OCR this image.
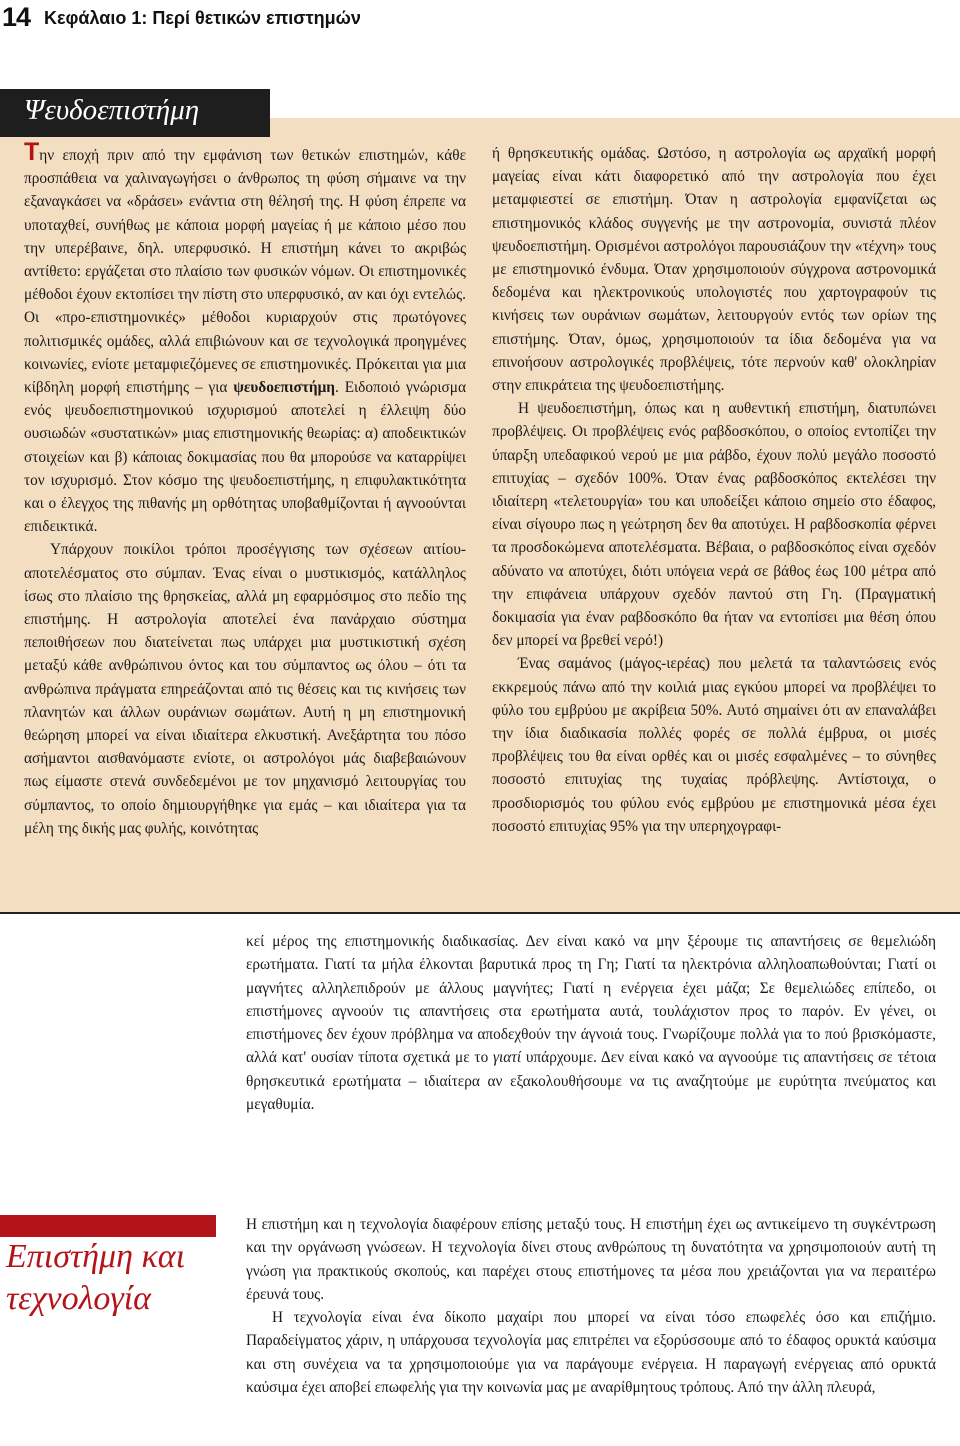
14 Κεφάλαιο 1: Περί θετικών επιστημών
Ψευδοεπιστήμη

Την εποχή πριν από την εμφάνιση των θετικών επιστημών, κάθε προσπάθεια να χαλιναγωγήσει ο άνθρωπος τη φύση σήμαινε να την εξαναγκάσει να «δράσει» ενάντια στη θέλησή της. Η φύση έπρεπε να υποταχθεί, συνήθως με κάποια μορφή μαγείας ή με κάποιο μέσο που την υπερέβαινε, δηλ. υπερφυσικό. Η επιστήμη κάνει το ακριβώς αντίθετο: εργάζεται στο πλαίσιο των φυσικών νόμων. Οι επιστημονικές μέθοδοι έχουν εκτοπίσει την πίστη στο υπερφυσικό, αν και όχι εντελώς. Οι «προ-επιστημονικές» μέθοδοι κυριαρχούν στις πρωτόγονες πολιτισμικές ομάδες, αλλά επιβιώνουν και σε τεχνολογικά προηγμένες κοινωνίες, ενίοτε μεταμφιεζόμενες σε επιστημονικές. Πρόκειται για μια κίβδηλη μορφή επιστήμης – για ψευδοεπιστήμη. Ειδοποιό γνώρισμα ενός ψευδοεπιστημονικού ισχυρισμού αποτελεί η έλλειψη δύο ουσιωδών «συστατικών» μιας επιστημονικής θεωρίας: α) αποδεικτικών στοιχείων και β) κάποιας δοκιμασίας που θα μπορούσε να καταρρίψει τον ισχυρισμό. Στον κόσμο της ψευδοεπιστήμης, η επιφυλακτικότητα και ο έλεγχος της πιθανής μη ορθότητας υποβαθμίζονται ή αγνοούνται επιδεικτικά.

Υπάρχουν ποικίλοι τρόποι προσέγγισης των σχέσεων αιτίου-αποτελέσματος στο σύμπαν. Ένας είναι ο μυστικισμός, κατάλληλος ίσως στο πλαίσιο της θρησκείας, αλλά μη εφαρμόσιμος στο πεδίο της επιστήμης. Η αστρολογία αποτελεί ένα πανάρχαιο σύστημα πεποιθήσεων που διατείνεται πως υπάρχει μια μυστικιστική σχέση μεταξύ κάθε ανθρώπινου όντος και του σύμπαντος ως όλου – ότι τα ανθρώπινα πράγματα επηρεάζονται από τις θέσεις και τις κινήσεις των πλανητών και άλλων ουράνιων σωμάτων. Αυτή η μη επιστημονική θεώρηση μπορεί να είναι ιδιαίτερα ελκυστική. Ανεξάρτητα του πόσο ασήμαντοι αισθανόμαστε ενίοτε, οι αστρολόγοι μάς διαβεβαιώνουν πως είμαστε στενά συνδεδεμένοι με τον μηχανισμό λειτουργίας του σύμπαντος, το οποίο δημιουργήθηκε για εμάς – και ιδιαίτερα για τα μέλη της δικής μας φυλής, κοινότητας

ή θρησκευτικής ομάδας. Ωστόσο, η αστρολογία ως αρχαϊκή μορφή μαγείας είναι κάτι διαφορετικό από την αστρολογία που έχει μεταμφιεστεί σε επιστήμη. Όταν η αστρολογία εμφανίζεται ως επιστημονικός κλάδος συγγενής με την αστρονομία, συνιστά πλέον ψευδοεπιστήμη. Ορισμένοι αστρολόγοι παρουσιάζουν την «τέχνη» τους με επιστημονικό ένδυμα. Όταν χρησιμοποιούν σύγχρονα αστρονομικά δεδομένα και ηλεκτρονικούς υπολογιστές που χαρτογραφούν τις κινήσεις των ουράνιων σωμάτων, λειτουργούν εντός των ορίων της επιστήμης. Όταν, όμως, χρησιμοποιούν τα ίδια δεδομένα για να επινοήσουν αστρολογικές προβλέψεις, τότε περνούν καθ' ολοκληρίαν στην επικράτεια της ψευδοεπιστήμης.

Η ψευδοεπιστήμη, όπως και η αυθεντική επιστήμη, διατυπώνει προβλέψεις. Οι προβλέψεις ενός ραβδοσκόπου, ο οποίος εντοπίζει την ύπαρξη υπεδαφικού νερού με μια ράβδο, έχουν πολύ μεγάλο ποσοστό επιτυχίας – σχεδόν 100%. Όταν ένας ραβδοσκόπος εκτελέσει την ιδιαίτερη «τελετουργία» του και υποδείξει κάποιο σημείο στο έδαφος, είναι σίγουρο πως η γεώτρηση δεν θα αποτύχει. Η ραβδοσκοπία φέρνει τα προσδοκώμενα αποτελέσματα. Βέβαια, ο ραβδοσκόπος είναι σχεδόν αδύνατο να αποτύχει, διότι υπόγεια νερά σε βάθος έως 100 μέτρα από την επιφάνεια υπάρχουν σχεδόν παντού στη Γη. (Πραγματική δοκιμασία για έναν ραβδοσκόπο θα ήταν να εντοπίσει μια θέση όπου δεν μπορεί να βρεθεί νερό!)

Ένας σαμάνος (μάγος-ιερέας) που μελετά τα ταλαντώσεις ενός εκκρεμούς πάνω από την κοιλιά μιας εγκύου μπορεί να προβλέψει το φύλο του εμβρύου με ακρίβεια 50%. Αυτό σημαίνει ότι αν επαναλάβει την ίδια διαδικασία πολλές φορές σε πολλά έμβρυα, οι μισές προβλέψεις του θα είναι ορθές και οι μισές εσφαλμένες – το σύνηθες ποσοστό επιτυχίας της τυχαίας πρόβλεψης. Αντίστοιχα, ο προσδιορισμός του φύλου ενός εμβρύου με επιστημονικά μέσα έχει ποσοστό επιτυχίας 95% για την υπερηχογραφι-

κεί μέρος της επιστημονικής διαδικασίας. Δεν είναι κακό να μην ξέρουμε τις απαντήσεις σε θεμελιώδη ερωτήματα. Γιατί τα μήλα έλκονται βαρυτικά προς τη Γη; Γιατί τα ηλεκτρόνια αλληλοαπωθούνται; Γιατί οι μαγνήτες αλληλεπιδρούν με άλλους μαγνήτες; Γιατί η ενέργεια έχει μάζα; Σε θεμελιώδες επίπεδο, οι επιστήμονες αγνοούν τις απαντήσεις στα ερωτήματα αυτά, τουλάχιστον προς το παρόν. Εν γένει, οι επιστήμονες δεν έχουν πρόβλημα να αποδεχθούν την άγνοιά τους. Γνωρίζουμε πολλά για το πού βρισκόμαστε, αλλά κατ' ουσίαν τίποτα σχετικά με το γιατί υπάρχουμε. Δεν είναι κακό να αγνοούμε τις απαντήσεις σε τέτοια θρησκευτικά ερωτήματα – ιδιαίτερα αν εξακολουθήσουμε να τις αναζητούμε με ευρύτητα πνεύματος και μεγαθυμία.

Επιστήμη και τεχνολογία

Η επιστήμη και η τεχνολογία διαφέρουν επίσης μεταξύ τους. Η επιστήμη έχει ως αντικείμενο τη συγκέντρωση και την οργάνωση γνώσεων. Η τεχνολογία δίνει στους ανθρώπους τη δυνατότητα να χρησιμοποιούν αυτή τη γνώση για πρακτικούς σκοπούς, και παρέχει στους επιστήμονες τα μέσα που χρειάζονται για να περαιτέρω έρευνά τους.

Η τεχνολογία είναι ένα δίκοπο μαχαίρι που μπορεί να είναι τόσο επωφελές όσο και επιζήμιο. Παραδείγματος χάριν, η υπάρχουσα τεχνολογία μας επιτρέπει να εξορύσσουμε από το έδαφος ορυκτά καύσιμα και στη συνέχεια να τα χρησιμοποιούμε για να παράγουμε ενέργεια. Η παραγωγή ενέργειας από ορυκτά καύσιμα έχει αποβεί επωφελής για την κοινωνία μας με αναρίθμητους τρόπους. Από την άλλη πλευρά,
